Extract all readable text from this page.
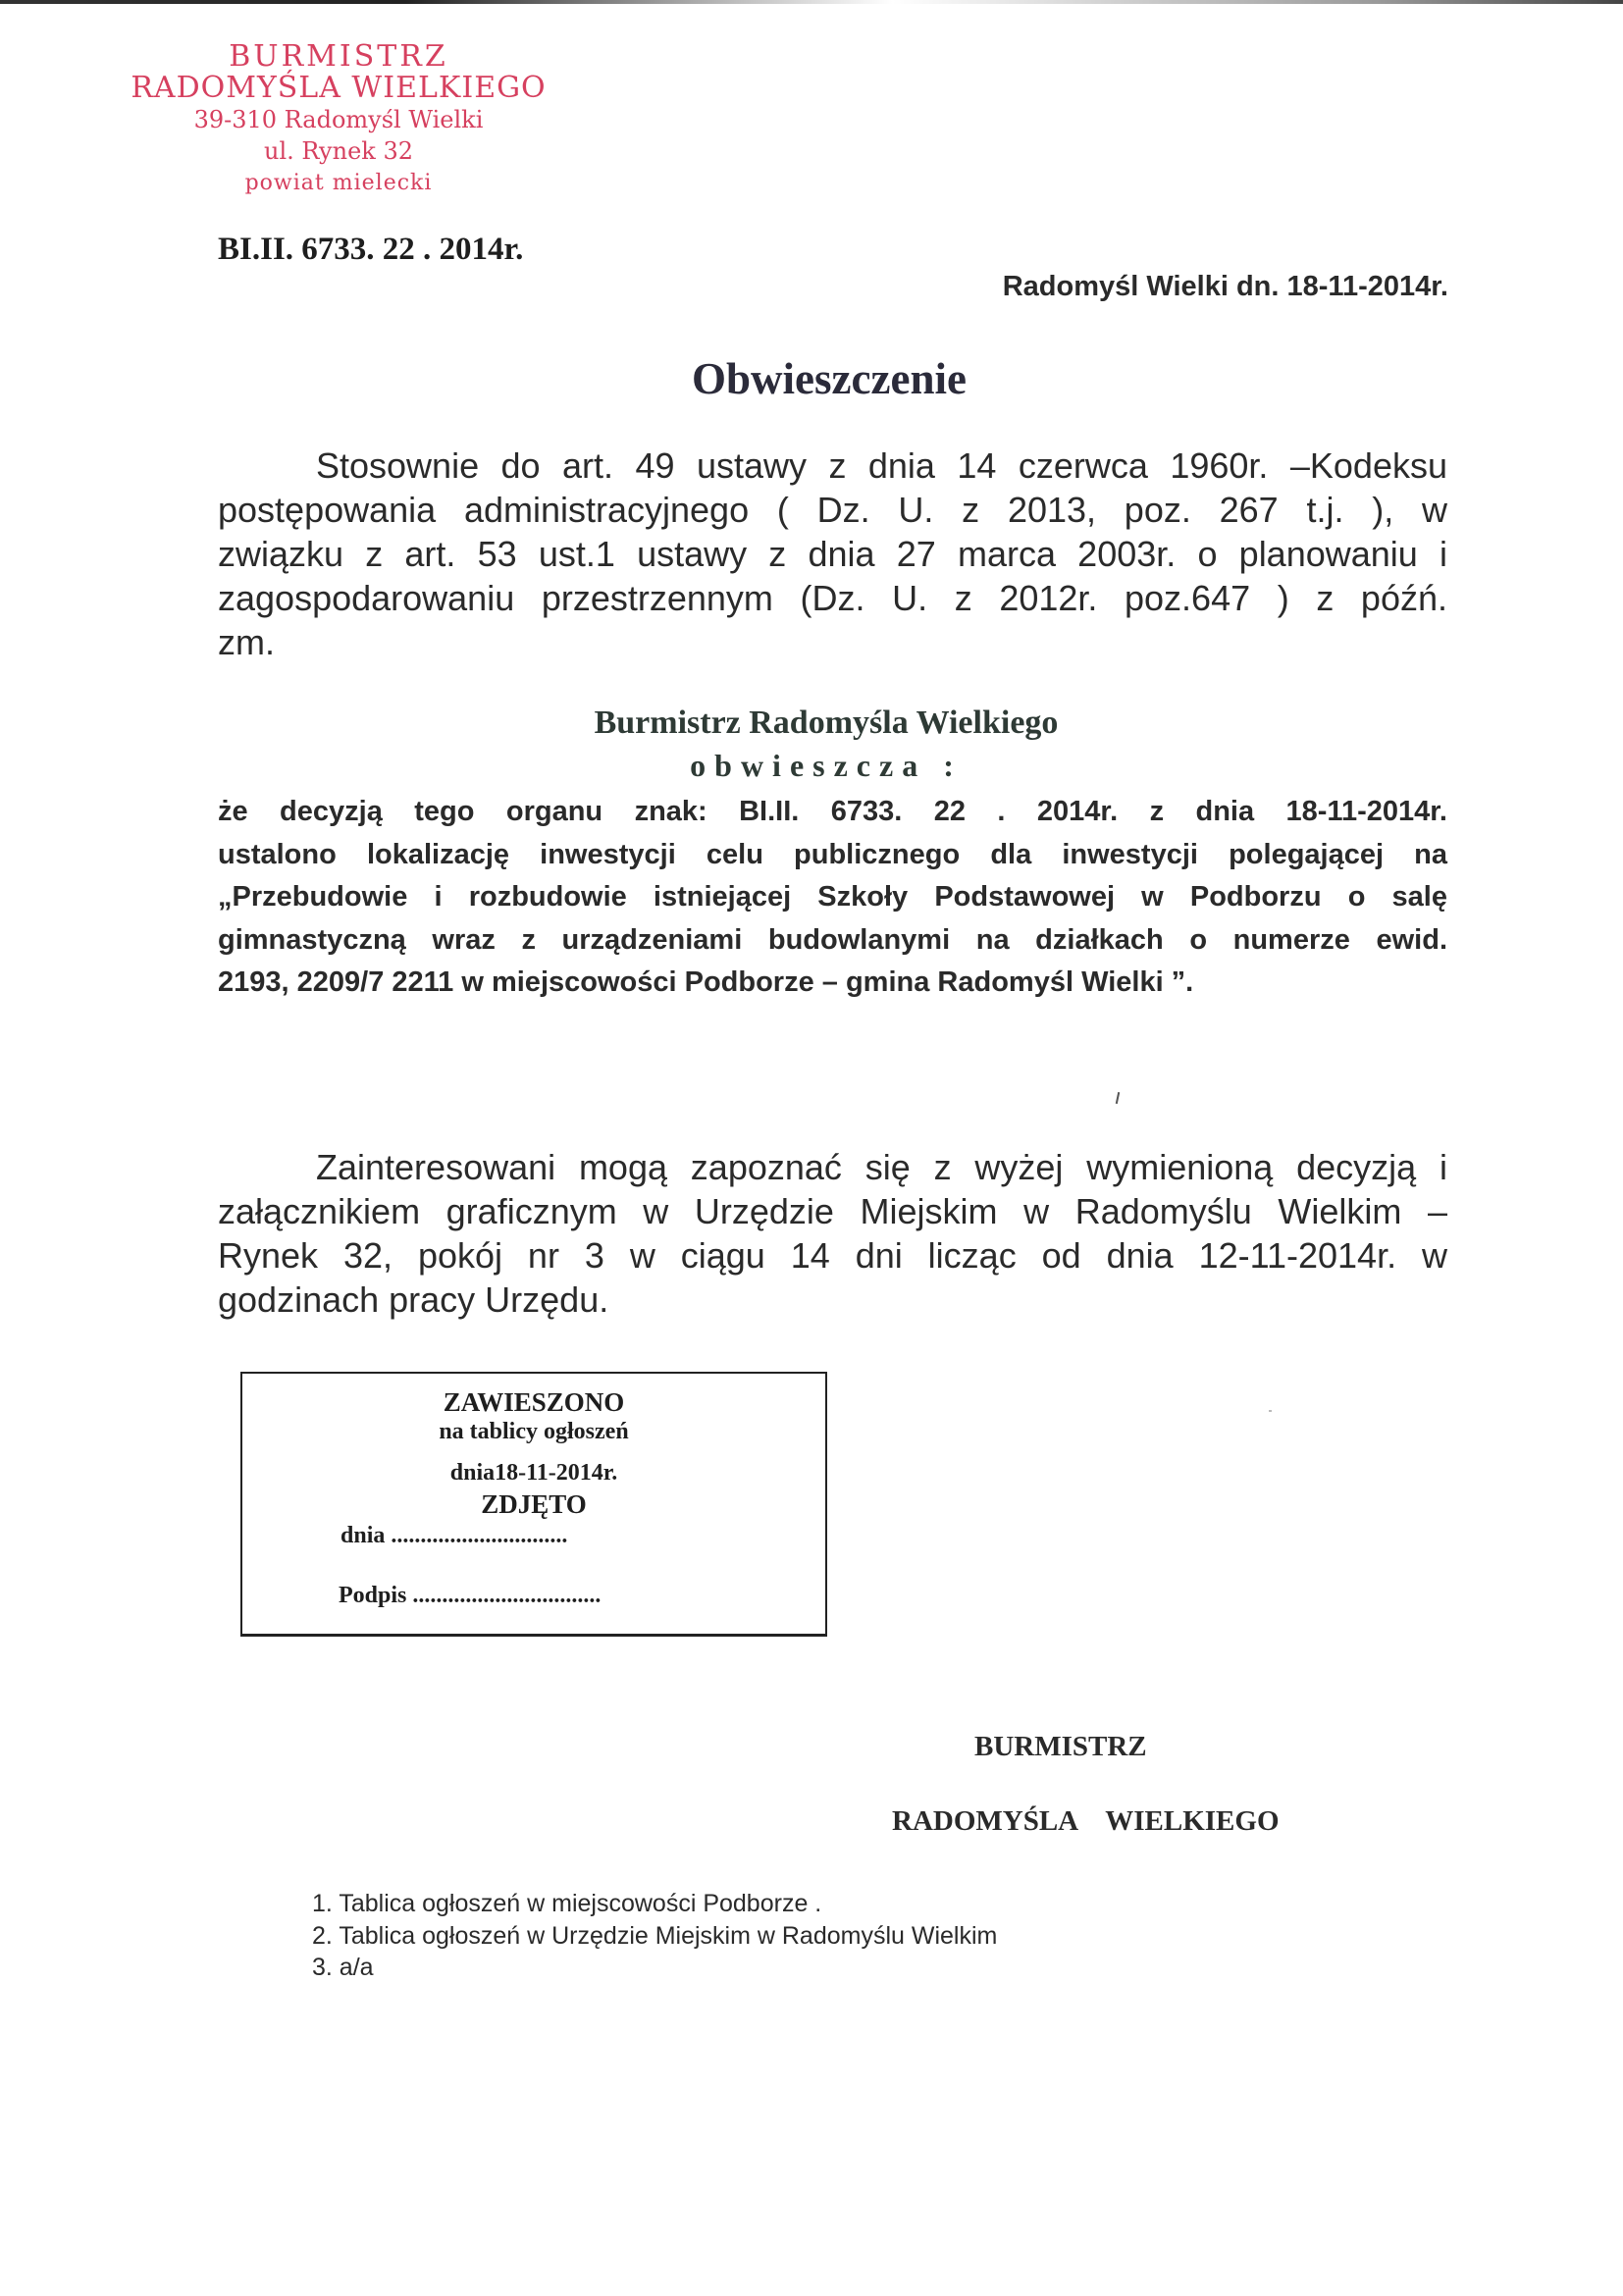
BURMISTRZ
RADOMYŚLA WIELKIEGO
39-310 Radomyśl Wielki
ul. Rynek 32
powiat mielecki
BI.II. 6733. 22 . 2014r.
Radomyśl Wielki dn. 18-11-2014r.
Obwieszczenie
Stosownie do art. 49 ustawy z dnia 14 czerwca 1960r. –Kodeksu
postępowania administracyjnego ( Dz. U. z 2013, poz. 267 t.j. ), w
związku z art. 53 ust.1 ustawy z dnia 27 marca 2003r. o planowaniu i
zagospodarowaniu przestrzennym (Dz. U. z 2012r. poz.647 ) z późń.
zm.
Burmistrz Radomyśla Wielkiego
obwieszcza :
że decyzją tego organu znak: BI.II. 6733. 22 . 2014r. z dnia 18-11-2014r.
ustalono lokalizację inwestycji celu publicznego dla inwestycji polegającej na
„Przebudowie i rozbudowie istniejącej Szkoły Podstawowej w Podborzu o salę
gimnastyczną wraz z urządzeniami budowlanymi na działkach o numerze ewid.
2193, 2209/7 2211 w miejscowości Podborze – gmina Radomyśl Wielki ”.
Zainteresowani mogą zapoznać się z wyżej wymienioną decyzją i
załącznikiem graficznym w Urzędzie Miejskim w Radomyślu Wielkim –
Rynek 32, pokój nr 3 w ciągu 14 dni licząc od dnia 12-11-2014r. w
godzinach pracy Urzędu.
ZAWIESZONO
na tablicy ogłoszeń
dnia18-11-2014r.
ZDJĘTO
dnia ..............................
Podpis ................................
BURMISTRZ
RADOMYŚLA WIELKIEGO
1. Tablica ogłoszeń w miejscowości Podborze .
2. Tablica ogłoszeń w Urzędzie Miejskim w Radomyślu Wielkim
3. a/a
